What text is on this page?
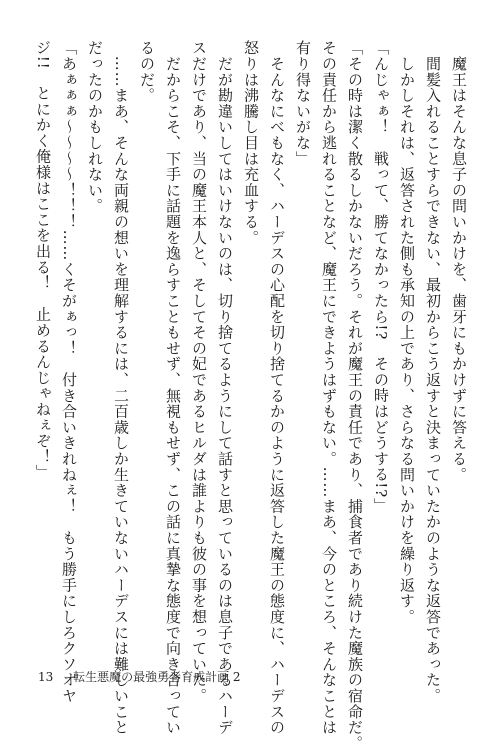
　魔王はそんな息子の問いかけを、歯牙にもかけずに答える。

　間髪入れることすらできない、最初からこう返すと決まっていたかのような返答であった。

　しかしそれは、返答された側も承知の上であり、さらなる問いかけを繰り返す。

「んじゃぁ！　戦って、勝てなかったら!?　その時はどうする!?」

「その時は潔く散るしかないだろう。それが魔王の責任であり、捕食者であり続けた魔族の宿命だ。

その責任から逃れることなど、魔王にできようはずもない。……まあ、今のところ、そんなことは

有り得ないがな」

　そんなにべもなく、ハーデスの心配を切り捨てるかのように返答した魔王の態度に、ハーデスの

怒りは沸騰し目は充血する。

　だが勘違いしてはいけないのは、切り捨てるようにして話すと思っているのは息子であるハーデ

スだけであり、当の魔王本人と、そしてその妃であるヒルダは誰よりも彼の事を想っていた。

　だからこそ、下手に話題を逸らすこともせず、無視もせず、この話に真摯な態度で向き合ってい

るのだ。

　……まあ、そんな両親の想いを理解するには、二百歳しか生きていないハーデスには難しいこと

だったのかもしれない。

「あぁぁぁ〜〜〜〜！！！……くそがぁっ！　付き合いきれねぇ！　もう勝手にしろクソオヤ

ジ!!　とにかく俺様はここを出る！　止めるんじゃねぇぞ！」

13 転生悪魔の最強勇者育成計画 2
